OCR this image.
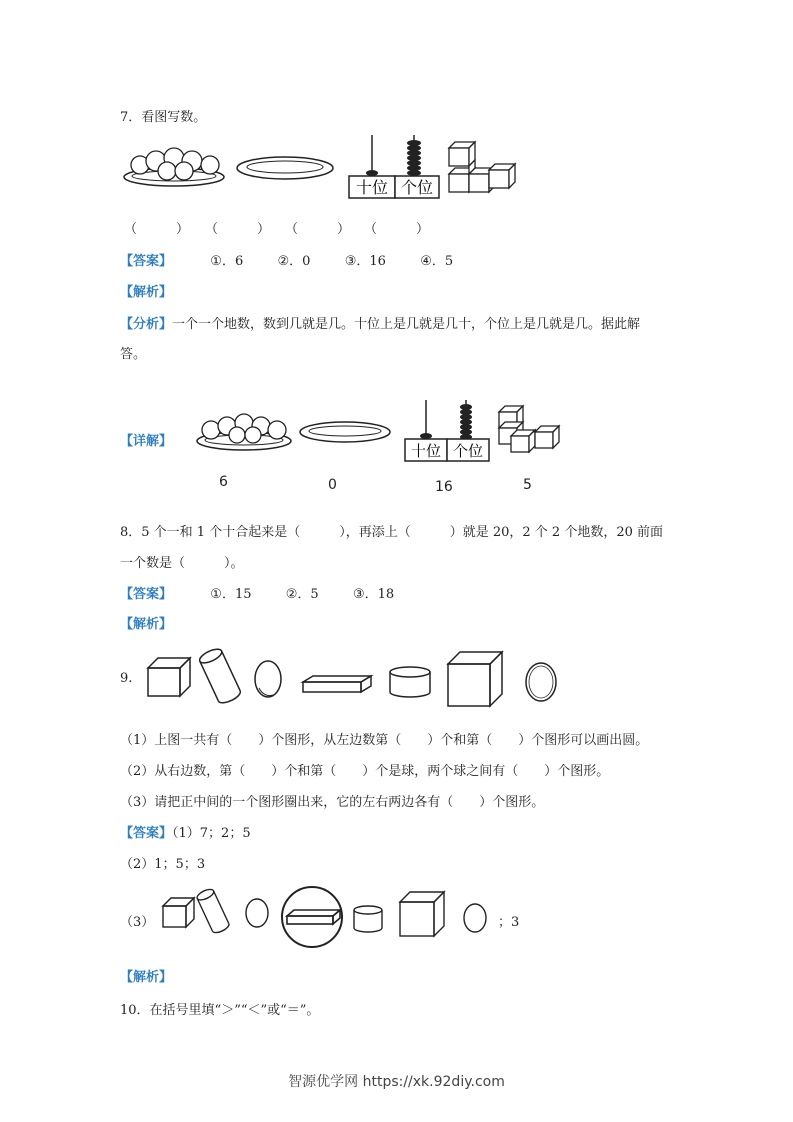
7．看图写数。
十位 个位
（　　　） （　　　） （　　　） （　　　）
【答案】	①．6	②．0	③．16	④．5
【解析】
【分析】一个一个地数，数到几就是几。十位上是几就是几十，个位上是几就是几。据此解
答。
【详解】
十位 个位
6	0	16	5
8．5 个一和 1 个十合起来是（　　　），再添上（　　　）就是 20，2 个 2 个地数，20 前面
一个数是（　　　）。
【答案】	①．15	②．5	③．18
【解析】
9.
（1）上图一共有（　　）个图形，从左边数第（　　）个和第（　　）个图形可以画出圆。
（2）从右边数，第（　　）个和第（　　）个是球，两个球之间有（　　）个图形。
（3）请把正中间的一个图形圈出来，它的左右两边各有（　　）个图形。
【答案】（1）7；2；5
（2）1；5；3
（3）	；3
【解析】
10．在括号里填“＞”“＜”或“＝”。
智源优学网 https://xk.92diy.com
